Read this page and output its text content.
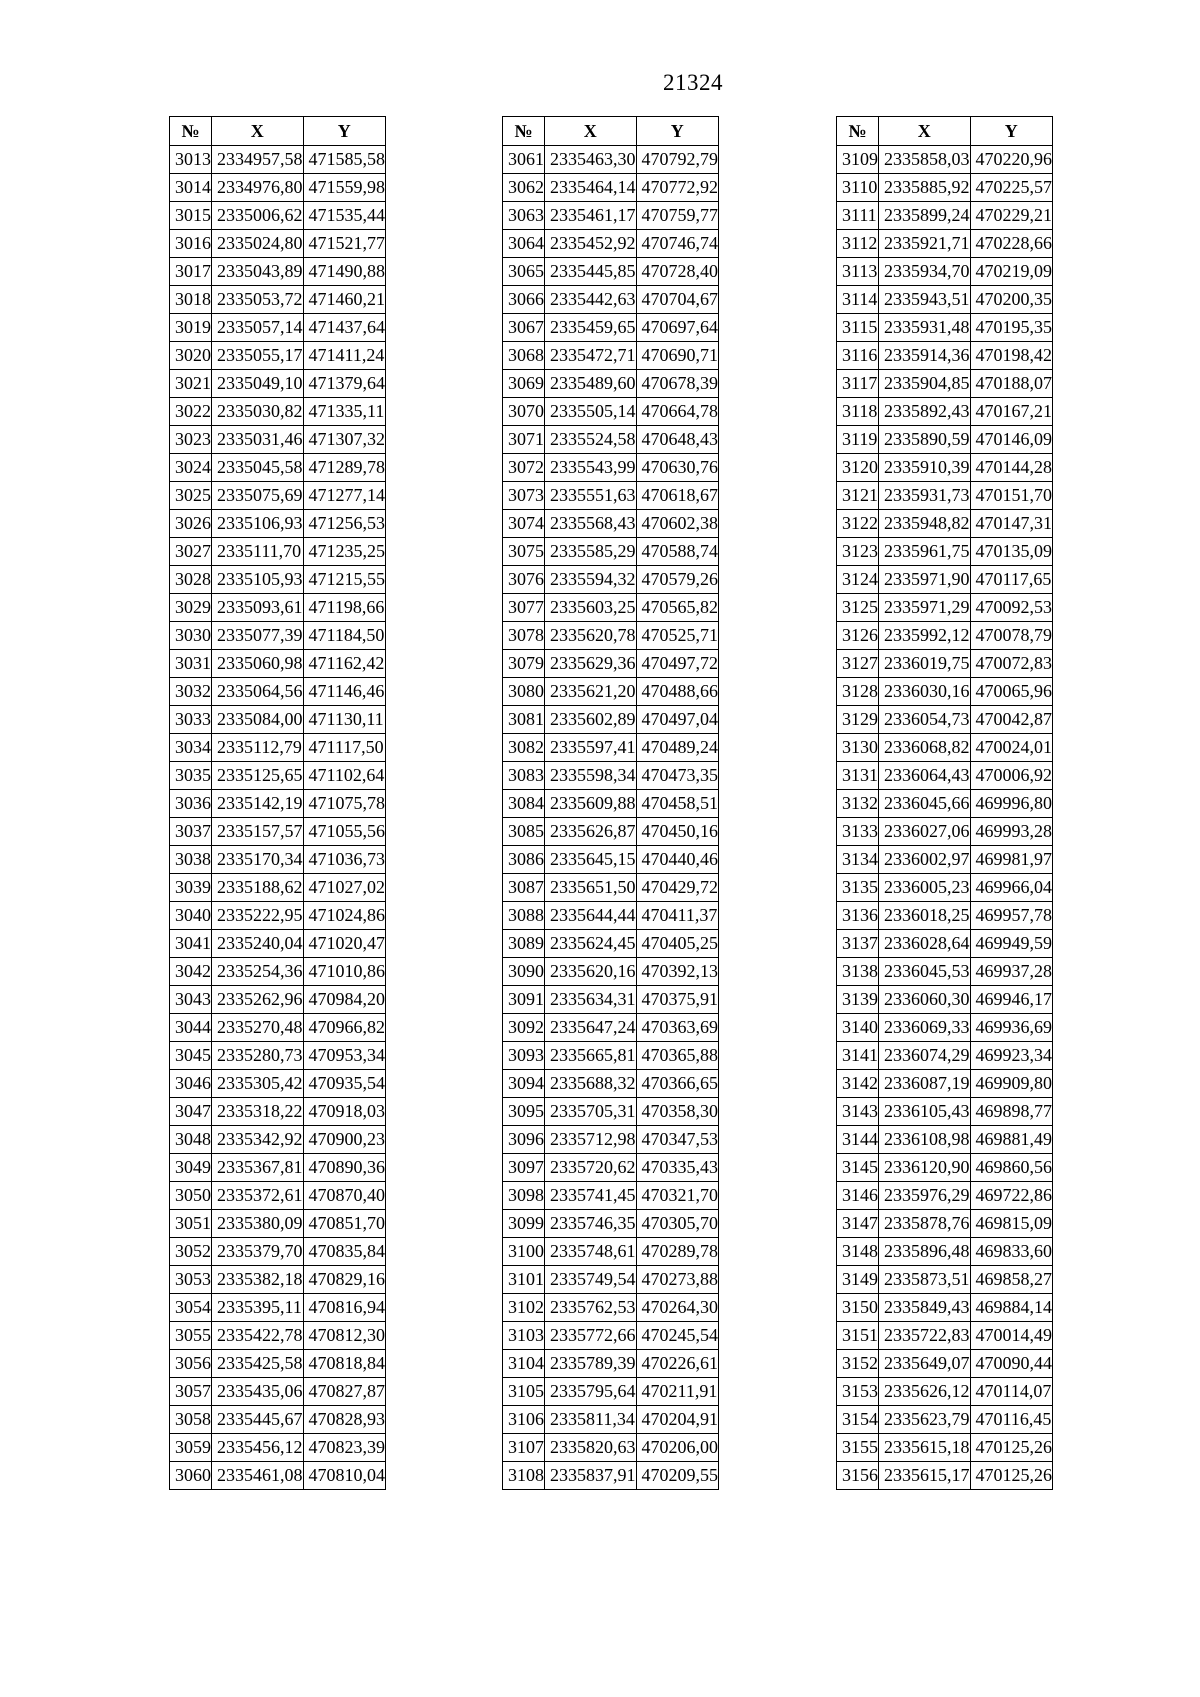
21324
№	X	Y
3013	2334957,58	471585,58
3014	2334976,80	471559,98
3015	2335006,62	471535,44
3016	2335024,80	471521,77
3017	2335043,89	471490,88
3018	2335053,72	471460,21
3019	2335057,14	471437,64
3020	2335055,17	471411,24
3021	2335049,10	471379,64
3022	2335030,82	471335,11
3023	2335031,46	471307,32
3024	2335045,58	471289,78
3025	2335075,69	471277,14
3026	2335106,93	471256,53
3027	2335111,70	471235,25
3028	2335105,93	471215,55
3029	2335093,61	471198,66
3030	2335077,39	471184,50
3031	2335060,98	471162,42
3032	2335064,56	471146,46
3033	2335084,00	471130,11
3034	2335112,79	471117,50
3035	2335125,65	471102,64
3036	2335142,19	471075,78
3037	2335157,57	471055,56
3038	2335170,34	471036,73
3039	2335188,62	471027,02
3040	2335222,95	471024,86
3041	2335240,04	471020,47
3042	2335254,36	471010,86
3043	2335262,96	470984,20
3044	2335270,48	470966,82
3045	2335280,73	470953,34
3046	2335305,42	470935,54
3047	2335318,22	470918,03
3048	2335342,92	470900,23
3049	2335367,81	470890,36
3050	2335372,61	470870,40
3051	2335380,09	470851,70
3052	2335379,70	470835,84
3053	2335382,18	470829,16
3054	2335395,11	470816,94
3055	2335422,78	470812,30
3056	2335425,58	470818,84
3057	2335435,06	470827,87
3058	2335445,67	470828,93
3059	2335456,12	470823,39
3060	2335461,08	470810,04
№	X	Y
3061	2335463,30	470792,79
3062	2335464,14	470772,92
3063	2335461,17	470759,77
3064	2335452,92	470746,74
3065	2335445,85	470728,40
3066	2335442,63	470704,67
3067	2335459,65	470697,64
3068	2335472,71	470690,71
3069	2335489,60	470678,39
3070	2335505,14	470664,78
3071	2335524,58	470648,43
3072	2335543,99	470630,76
3073	2335551,63	470618,67
3074	2335568,43	470602,38
3075	2335585,29	470588,74
3076	2335594,32	470579,26
3077	2335603,25	470565,82
3078	2335620,78	470525,71
3079	2335629,36	470497,72
3080	2335621,20	470488,66
3081	2335602,89	470497,04
3082	2335597,41	470489,24
3083	2335598,34	470473,35
3084	2335609,88	470458,51
3085	2335626,87	470450,16
3086	2335645,15	470440,46
3087	2335651,50	470429,72
3088	2335644,44	470411,37
3089	2335624,45	470405,25
3090	2335620,16	470392,13
3091	2335634,31	470375,91
3092	2335647,24	470363,69
3093	2335665,81	470365,88
3094	2335688,32	470366,65
3095	2335705,31	470358,30
3096	2335712,98	470347,53
3097	2335720,62	470335,43
3098	2335741,45	470321,70
3099	2335746,35	470305,70
3100	2335748,61	470289,78
3101	2335749,54	470273,88
3102	2335762,53	470264,30
3103	2335772,66	470245,54
3104	2335789,39	470226,61
3105	2335795,64	470211,91
3106	2335811,34	470204,91
3107	2335820,63	470206,00
3108	2335837,91	470209,55
№	X	Y
3109	2335858,03	470220,96
3110	2335885,92	470225,57
3111	2335899,24	470229,21
3112	2335921,71	470228,66
3113	2335934,70	470219,09
3114	2335943,51	470200,35
3115	2335931,48	470195,35
3116	2335914,36	470198,42
3117	2335904,85	470188,07
3118	2335892,43	470167,21
3119	2335890,59	470146,09
3120	2335910,39	470144,28
3121	2335931,73	470151,70
3122	2335948,82	470147,31
3123	2335961,75	470135,09
3124	2335971,90	470117,65
3125	2335971,29	470092,53
3126	2335992,12	470078,79
3127	2336019,75	470072,83
3128	2336030,16	470065,96
3129	2336054,73	470042,87
3130	2336068,82	470024,01
3131	2336064,43	470006,92
3132	2336045,66	469996,80
3133	2336027,06	469993,28
3134	2336002,97	469981,97
3135	2336005,23	469966,04
3136	2336018,25	469957,78
3137	2336028,64	469949,59
3138	2336045,53	469937,28
3139	2336060,30	469946,17
3140	2336069,33	469936,69
3141	2336074,29	469923,34
3142	2336087,19	469909,80
3143	2336105,43	469898,77
3144	2336108,98	469881,49
3145	2336120,90	469860,56
3146	2335976,29	469722,86
3147	2335878,76	469815,09
3148	2335896,48	469833,60
3149	2335873,51	469858,27
3150	2335849,43	469884,14
3151	2335722,83	470014,49
3152	2335649,07	470090,44
3153	2335626,12	470114,07
3154	2335623,79	470116,45
3155	2335615,18	470125,26
3156	2335615,17	470125,26
